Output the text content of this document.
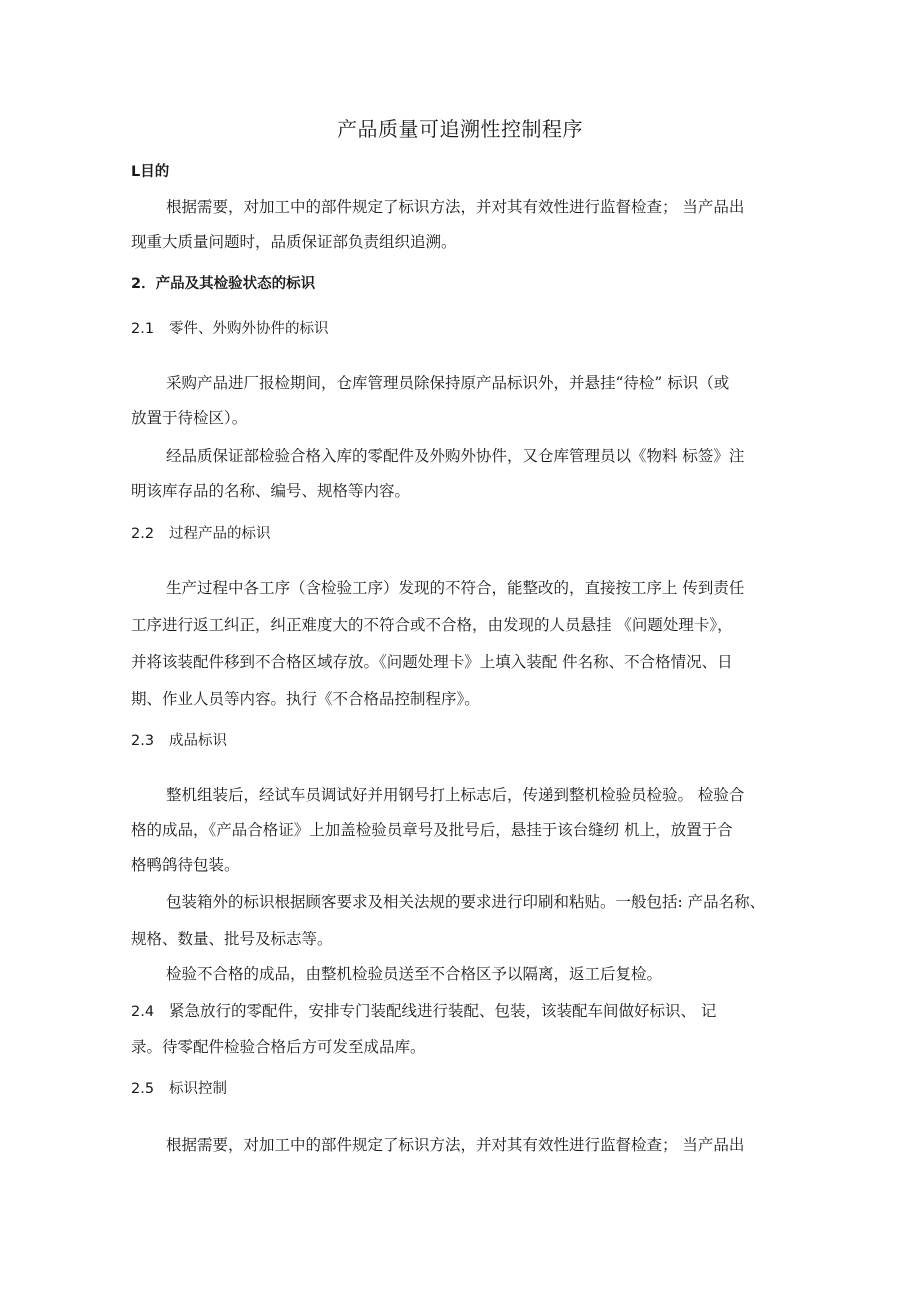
产品质量可追溯性控制程序
L目的
根据需要，对加工中的部件规定了标识方法，并对其有效性进行监督检查； 当产品出
现重大质量问题时，品质保证部负责组织追溯。
2．产品及其检验状态的标识
2.1 零件、外购外协件的标识
采购产品进厂报检期间，仓库管理员除保持原产品标识外，并悬挂“待检” 标识（或
放置于待检区）。
经品质保证部检验合格入库的零配件及外购外协件，又仓库管理员以《物料 标签》注
明该库存品的名称、编号、规格等内容。
2.2 过程产品的标识
生产过程中各工序（含检验工序）发现的不符合，能整改的，直接按工序上 传到责任
工序进行返工纠正，纠正难度大的不符合或不合格，由发现的人员悬挂 《问题处理卡》，
并将该装配件移到不合格区域存放。《问题处理卡》上填入装配 件名称、不合格情况、日
期、作业人员等内容。执行《不合格品控制程序》。
2.3 成品标识
整机组装后，经试车员调试好并用钢号打上标志后，传递到整机检验员检验。 检验合
格的成品，《产品合格证》上加盖检验员章号及批号后，悬挂于该台缝纫 机上，放置于合
格鸭鸽待包装。
包装箱外的标识根据顾客要求及相关法规的要求进行印刷和粘贴。一般包括: 产品名称、
规格、数量、批号及标志等。
检验不合格的成品，由整机检验员送至不合格区予以隔离，返工后复检。
2.4 紧急放行的零配件，安排专门装配线进行装配、包装，该装配车间做好标识、 记
录。待零配件检验合格后方可发至成品库。
2.5 标识控制
根据需要，对加工中的部件规定了标识方法，并对其有效性进行监督检查； 当产品出
